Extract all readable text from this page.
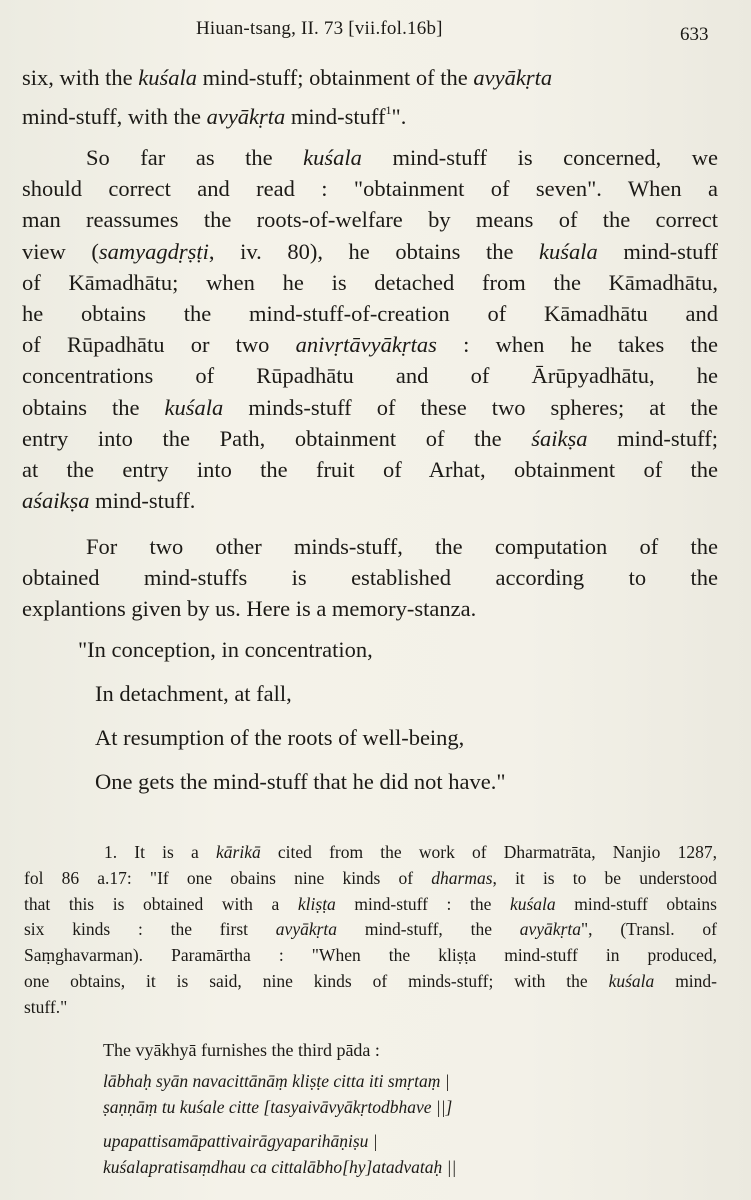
Hiuan-tsang, II. 73 [vii.fol.16b]	633
six, with the kuśala mind-stuff; obtainment of the avyākṛta
mind-stuff, with the avyākṛta mind-stuff$^1$".
So far as the kuśala mind-stuff is concerned, we
should correct and read : "obtainment of seven". When a
man reassumes the roots-of-welfare by means of the correct
view (samyagdṛṣṭi, iv. 80), he obtains the kuśala mind-stuff
of Kāmadhātu; when he is detached from the Kāmadhātu,
he obtains the mind-stuff-of-creation of Kāmadhātu and
of Rūpadhātu or two anivṛtāvyākṛtas : when he takes the
concentrations of Rūpadhātu and of Ārūpyadhātu, he
obtains the kuśala minds-stuff of these two spheres; at the
entry into the Path, obtainment of the śaikṣa mind-stuff;
at the entry into the fruit of Arhat, obtainment of the
aśaikṣa mind-stuff.
For two other minds-stuff, the computation of the
obtained mind-stuffs is established according to the
explantions given by us. Here is a memory-stanza.
"In conception, in concentration,
In detachment, at fall,
At resumption of the roots of well-being,
One gets the mind-stuff that he did not have."
1. It is a kārikā cited from the work of Dharmatrāta, Nanjio 1287,
fol 86 a.17: "If one obains nine kinds of dharmas, it is to be understood
that this is obtained with a kliṣṭa mind-stuff : the kuśala mind-stuff obtains
six kinds : the first avyākṛta mind-stuff, the avyākṛta", (Transl. of
Saṃghavarman). Paramārtha : "When the kliṣṭa mind-stuff in produced,
one obtains, it is said, nine kinds of minds-stuff; with the kuśala mind-
stuff."
The vyākhyā furnishes the third pāda :
lābhaḥ syān navacittānāṃ kliṣṭe citta iti smṛtaṃ |
ṣaṇṇāṃ tu kuśale citte [tasyaivāvyākṛtodbhave ||]
upapattisamāpattivairāgyaparihāṇiṣu |
kuśalapratisaṃdhau ca cittalābho[hy]atadvataḥ ||
